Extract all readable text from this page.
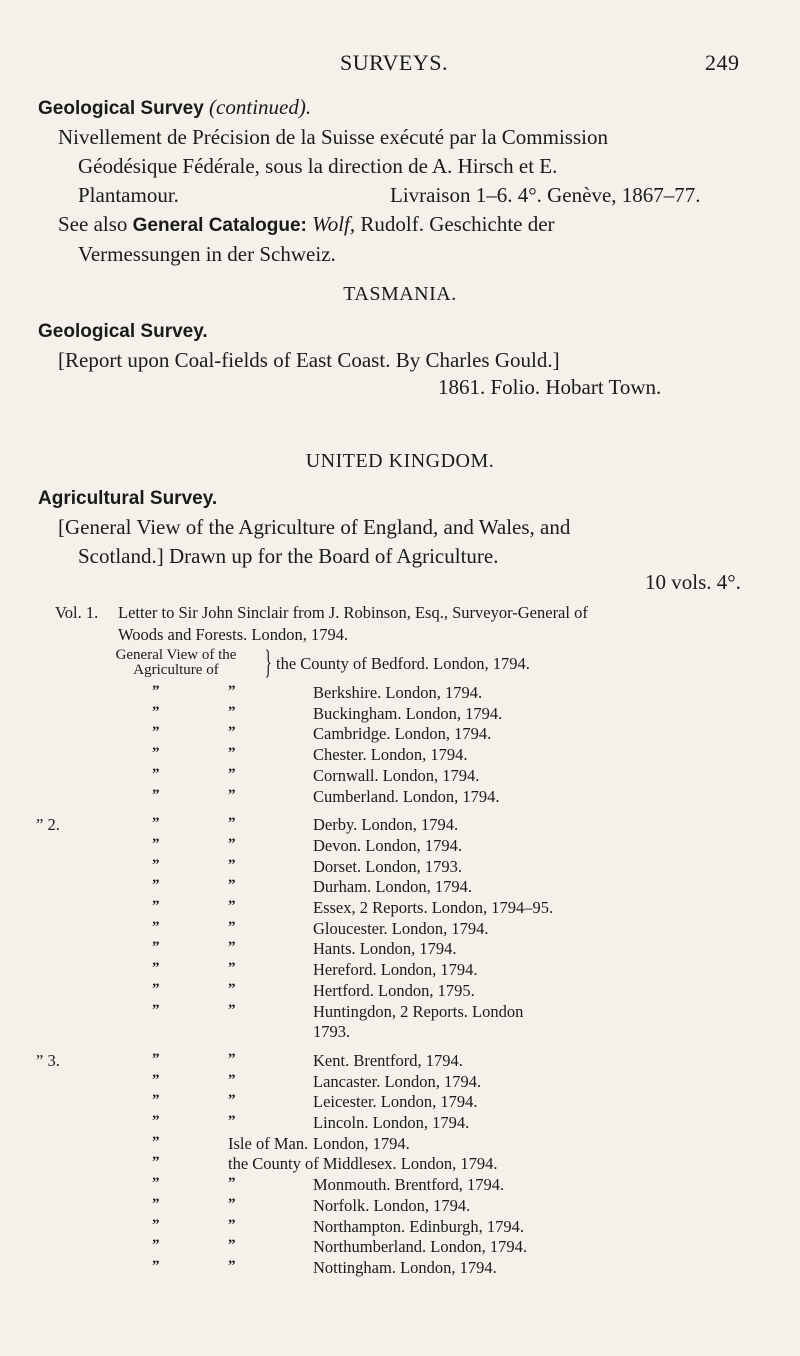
SURVEYS.	249
Geological Survey (continued).
Nivellement de Précision de la Suisse exécuté par la Commission
Géodésique Fédérale, sous la direction de A. Hirsch et E.
Plantamour.	Livraison 1–6. 4°. Genève, 1867–77.
See also General Catalogue: Wolf, Rudolf. Geschichte der
Vermessungen in der Schweiz.
TASMANIA.
Geological Survey.
[Report upon Coal-fields of East Coast. By Charles Gould.]
1861. Folio. Hobart Town.
UNITED KINGDOM.
Agricultural Survey.
[General View of the Agriculture of England, and Wales, and
Scotland.] Drawn up for the Board of Agriculture.
10 vols. 4°.
Vol. 1. Letter to Sir John Sinclair from J. Robinson, Esq., Surveyor-General of
Woods and Forests. London, 1794.
General View of the
Agriculture of	} the County of Bedford. London, 1794.
”	”	Berkshire. London, 1794.
”	”	Buckingham. London, 1794.
”	”	Cambridge. London, 1794.
”	”	Chester. London, 1794.
”	”	Cornwall. London, 1794.
”	”	Cumberland. London, 1794.
” 2.	”	”	Derby. London, 1794.
”	”	Devon. London, 1794.
”	”	Dorset. London, 1793.
”	”	Durham. London, 1794.
”	”	Essex, 2 Reports. London, 1794–95.
”	”	Gloucester. London, 1794.
”	”	Hants. London, 1794.
”	”	Hereford. London, 1794.
”	”	Hertford. London, 1795.
”	”	Huntingdon, 2 Reports. London
1793.
” 3.	”	”	Kent. Brentford, 1794.
”	”	Lancaster. London, 1794.
”	”	Leicester. London, 1794.
”	”	Lincoln. London, 1794.
”	Isle of Man. London, 1794.
”	the County of Middlesex. London, 1794.
”	”	Monmouth. Brentford, 1794.
”	”	Norfolk. London, 1794.
”	”	Northampton. Edinburgh, 1794.
”	”	Northumberland. London, 1794.
”	”	Nottingham. London, 1794.
